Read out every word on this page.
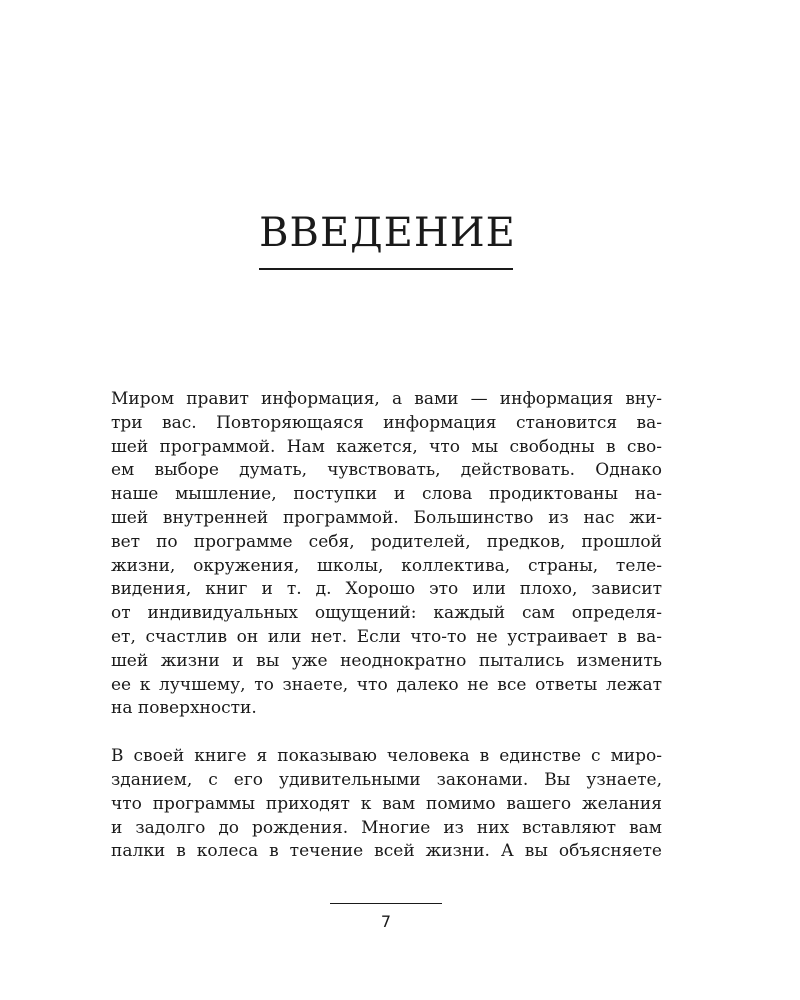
ВВЕДЕНИЕ
Миром правит информация, а вами — информация вну-
три вас. Повторяющаяся информация становится ва-
шей программой. Нам кажется, что мы свободны в сво-
ем выборе думать, чувствовать, действовать. Однако
наше мышление, поступки и слова продиктованы на-
шей внутренней программой. Большинство из нас жи-
вет по программе себя, родителей, предков, прошлой
жизни, окружения, школы, коллектива, страны, теле-
видения, книг и т. д. Хорошо это или плохо, зависит
от индивидуальных ощущений: каждый сам определя-
ет, счастлив он или нет. Если что-то не устраивает в ва-
шей жизни и вы уже неоднократно пытались изменить
ее к лучшему, то знаете, что далеко не все ответы лежат
на поверхности.
В своей книге я показываю человека в единстве с миро-
зданием, с его удивительными законами. Вы узнаете,
что программы приходят к вам помимо вашего желания
и задолго до рождения. Многие из них вставляют вам
палки в колеса в течение всей жизни. А вы объясняете
7
